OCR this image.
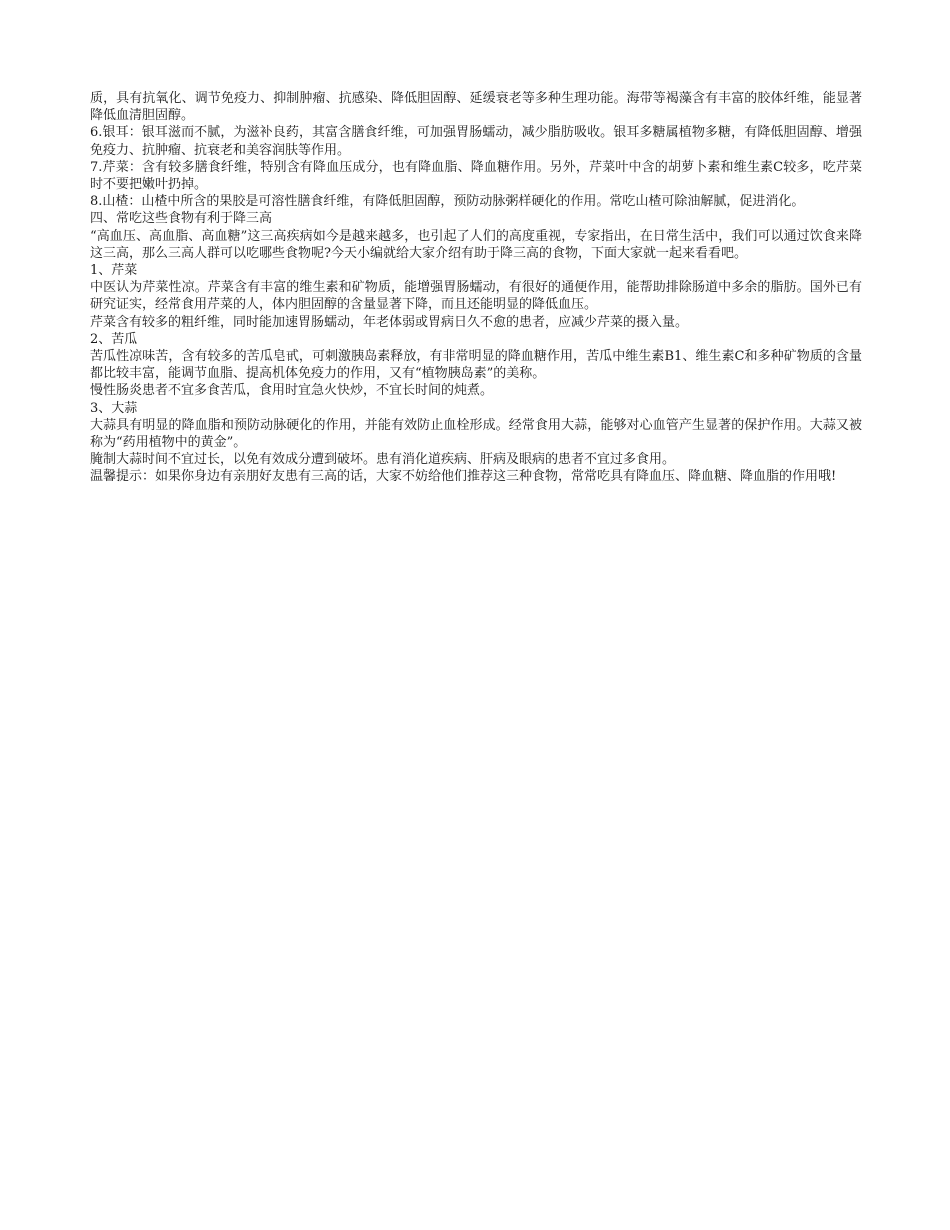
质，具有抗氧化、调节免疫力、抑制肿瘤、抗感染、降低胆固醇、延缓衰老等多种生理功能。海带等褐藻含有丰富的胶体纤维，能显著降低血清胆固醇。

6.银耳：银耳滋而不腻，为滋补良药，其富含膳食纤维，可加强胃肠蠕动，减少脂肪吸收。银耳多糖属植物多糖，有降低胆固醇、增强免疫力、抗肿瘤、抗衰老和美容润肤等作用。

7.芹菜：含有较多膳食纤维，特别含有降血压成分，也有降血脂、降血糖作用。另外，芹菜叶中含的胡萝卜素和维生素C较多，吃芹菜时不要把嫩叶扔掉。

8.山楂：山楂中所含的果胶是可溶性膳食纤维，有降低胆固醇，预防动脉粥样硬化的作用。常吃山楂可除油解腻，促进消化。

四、常吃这些食物有利于降三高

“高血压、高血脂、高血糖”这三高疾病如今是越来越多，也引起了人们的高度重视，专家指出，在日常生活中，我们可以通过饮食来降这三高，那么三高人群可以吃哪些食物呢?今天小编就给大家介绍有助于降三高的食物，下面大家就一起来看看吧。

1、芹菜

中医认为芹菜性凉。芹菜含有丰富的维生素和矿物质，能增强胃肠蠕动，有很好的通便作用，能帮助排除肠道中多余的脂肪。国外已有研究证实，经常食用芹菜的人，体内胆固醇的含量显著下降，而且还能明显的降低血压。

芹菜含有较多的粗纤维，同时能加速胃肠蠕动，年老体弱或胃病日久不愈的患者，应减少芹菜的摄入量。

2、苦瓜

苦瓜性凉味苦，含有较多的苦瓜皂甙，可刺激胰岛素释放，有非常明显的降血糖作用，苦瓜中维生素B1、维生素C和多种矿物质的含量都比较丰富，能调节血脂、提高机体免疫力的作用，又有“植物胰岛素”的美称。

慢性肠炎患者不宜多食苦瓜，食用时宜急火快炒，不宜长时间的炖煮。

3、大蒜

大蒜具有明显的降血脂和预防动脉硬化的作用，并能有效防止血栓形成。经常食用大蒜，能够对心血管产生显著的保护作用。大蒜又被称为“药用植物中的黄金”。

腌制大蒜时间不宜过长，以免有效成分遭到破坏。患有消化道疾病、肝病及眼病的患者不宜过多食用。

温馨提示：如果你身边有亲朋好友患有三高的话，大家不妨给他们推荐这三种食物，常常吃具有降血压、降血糖、降血脂的作用哦!
